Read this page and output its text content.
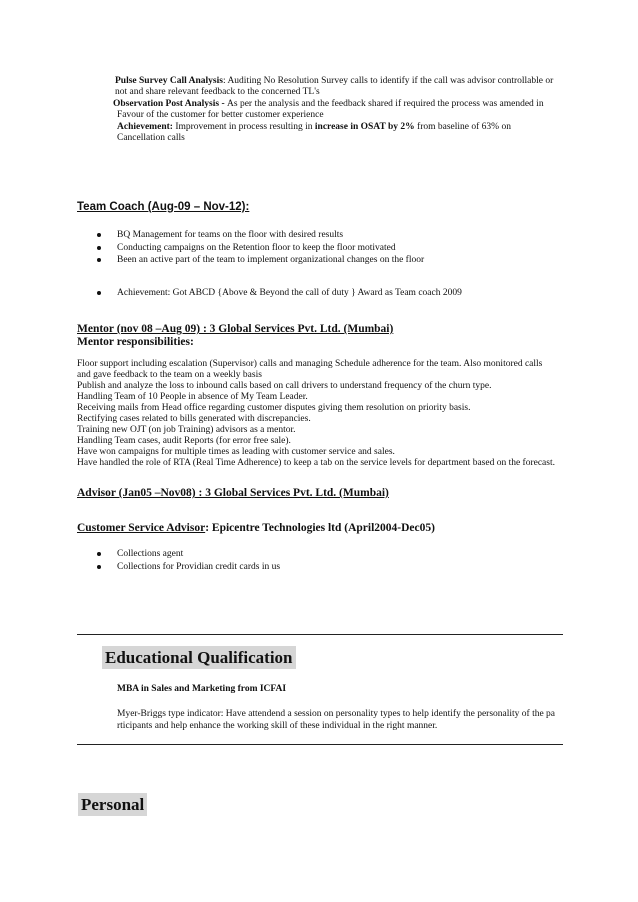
Pulse Survey Call Analysis: Auditing No Resolution Survey calls to identify if the call was advisor controllable or
not and share relevant feedback to the concerned TL's
Observation Post Analysis - As per the analysis and the feedback shared if required the process was amended in
Favour of the customer for better customer experience
Achievement: Improvement in process resulting in increase in OSAT by 2% from baseline of 63% on
Cancellation calls
Team Coach (Aug-09 – Nov-12):
BQ Management for teams on the floor with desired results
Conducting campaigns on the Retention floor to keep the floor motivated
Been an active part of the team to implement organizational changes on the floor
Achievement: Got ABCD {Above & Beyond the call of duty } Award as Team coach 2009
Mentor (nov 08 –Aug 09) : 3 Global Services Pvt. Ltd. (Mumbai)
Mentor responsibilities:
Floor support including escalation (Supervisor) calls and managing Schedule adherence for the team. Also monitored calls
and gave feedback to the team on a weekly basis
Publish and analyze the loss to inbound calls based on call drivers to understand frequency of the churn type.
Handling Team of 10 People in absence of My Team Leader.
Receiving mails from Head office regarding customer disputes giving them resolution on priority basis.
Rectifying cases related to bills generated with discrepancies.
Training new OJT (on job Training) advisors as a mentor.
Handling Team cases, audit Reports (for error free sale).
Have won campaigns for multiple times as leading with customer service and sales.
Have handled the role of RTA (Real Time Adherence) to keep a tab on the service levels for department based on the forecast.
Advisor (Jan05 –Nov08) : 3 Global Services Pvt. Ltd. (Mumbai)
Customer Service Advisor: Epicentre Technologies ltd (April2004-Dec05)
Collections agent
Collections for Providian credit cards in us
Educational Qualification
MBA in Sales and Marketing from ICFAI
Myer-Briggs type indicator: Have attendend a session on personality types to help identify the personality of the pa
rticipants and help enhance the working skill of these individual in the right manner.
Personal
